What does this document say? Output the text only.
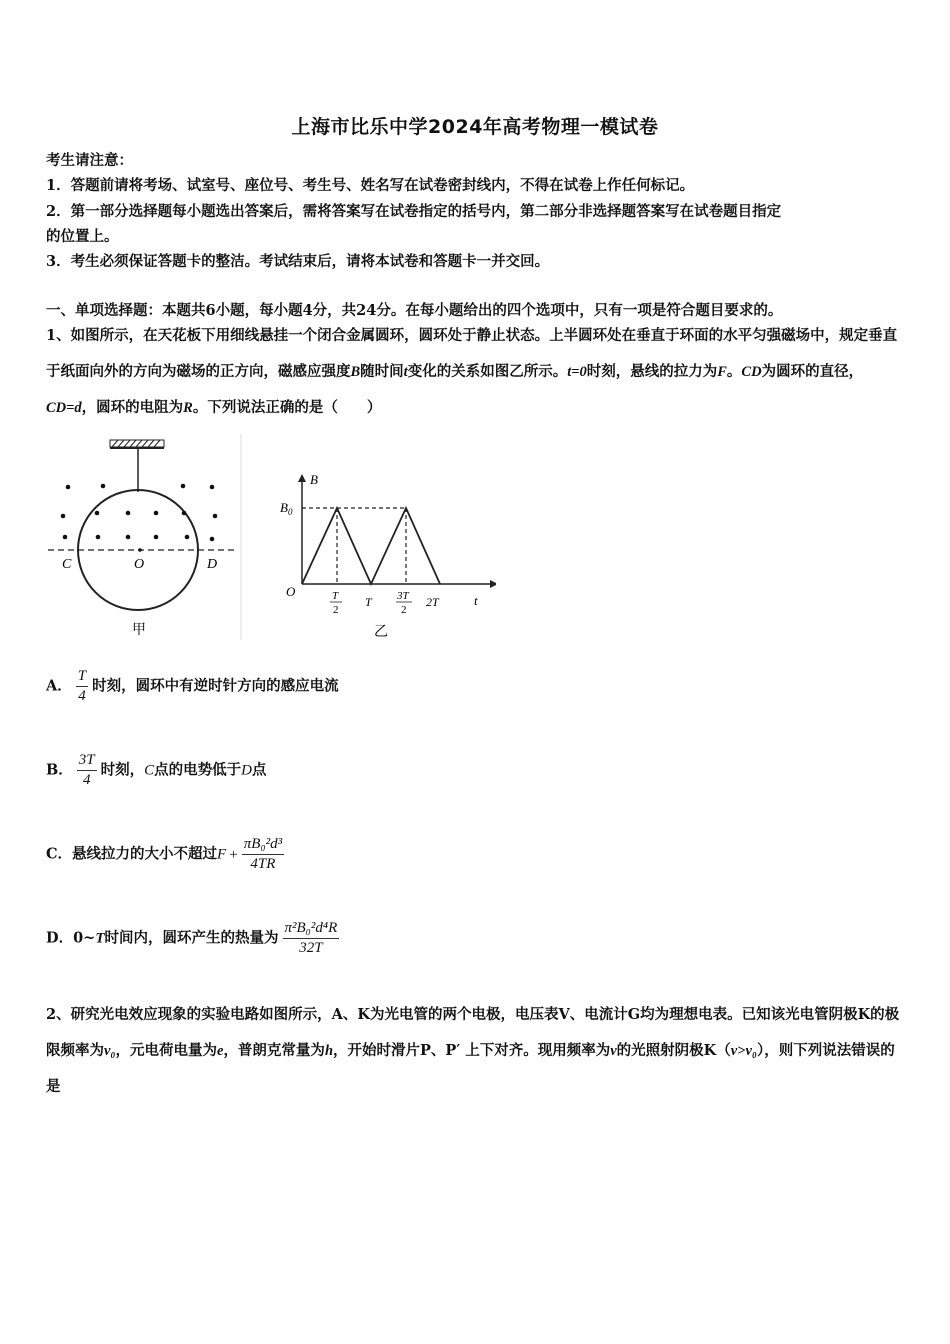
上海市比乐中学2024年高考物理一模试卷
考生请注意：
1．答题前请将考场、试室号、座位号、考生号、姓名写在试卷密封线内，不得在试卷上作任何标记。
2．第一部分选择题每小题选出答案后，需将答案写在试卷指定的括号内，第二部分非选择题答案写在试卷题目指定
的位置上。
3．考生必须保证答题卡的整洁。考试结束后，请将本试卷和答题卡一并交回。
一、单项选择题：本题共6小题，每小题4分，共24分。在每小题给出的四个选项中，只有一项是符合题目要求的。
1、如图所示，在天花板下用细线悬挂一个闭合金属圆环，圆环处于静止状态。上半圆环处在垂直于环面的水平匀强磁场中，规定垂直于纸面向外的方向为磁场的正方向，磁感应强度B随时间t变化的关系如图乙所示。t=0时刻，悬线的拉力为F。CD为圆环的直径，CD=d，圆环的电阻为R。下列说法正确的是（　　）
C	O	D
甲
B
$B_0$
O	T
2
T 3T
2
2T	t
乙
A． $\frac{T}{4}$ 时刻，圆环中有逆时针方向的感应电流
B． $\frac{3T}{4}$ 时刻，C点的电势低于D点
C．悬线拉力的大小不超过$F + \frac{\text{πB₀²d³}}{4TR}$
D．0~T时间内，圆环产生的热量为 $\frac{\text{π²B₀²d⁴R}}{32T}$
2、研究光电效应现象的实验电路如图所示，A、K为光电管的两个电极，电压表V、电流计G均为理想电表。已知该光电管阴极K的极限频率为v₀，元电荷电量为e，普朗克常量为h，开始时滑片P、P′ 上下对齐。现用频率为v的光照射阴极K（v>v₀），则下列说法错误的是
